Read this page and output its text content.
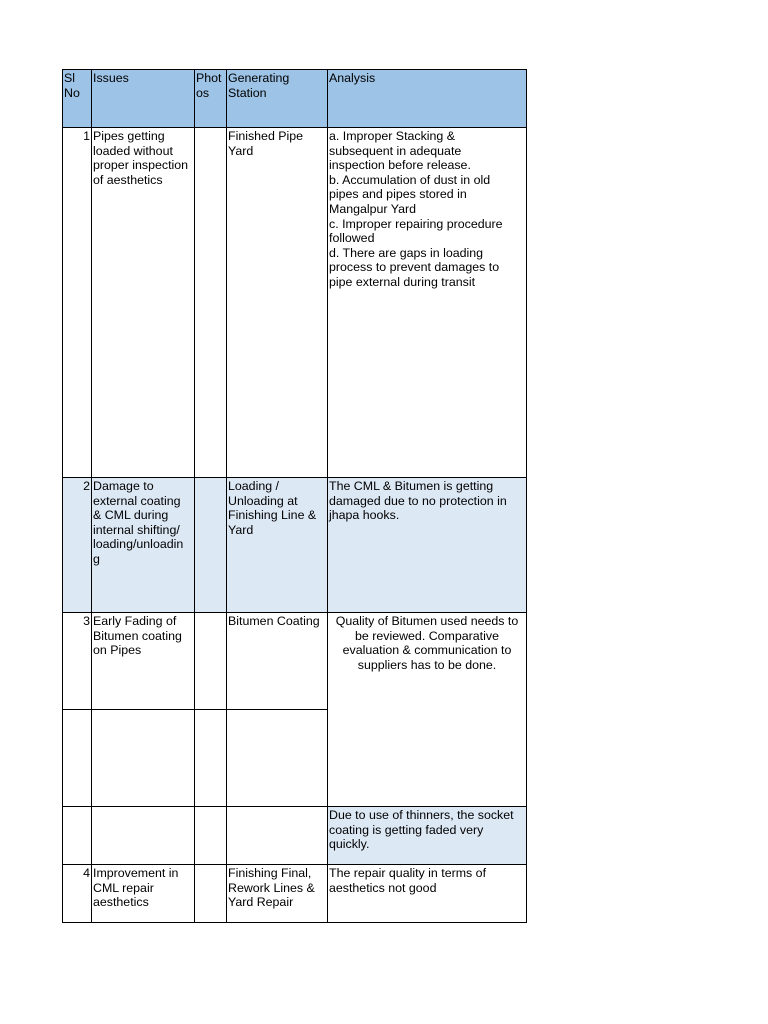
Sl
No
Issues	Phot
os
Generating
Station
Analysis
1 Pipes getting
loaded without
proper inspection
of aesthetics
Finished Pipe
Yard
a. Improper Stacking &
subsequent in adequate
inspection before release.
b. Accumulation of dust in old
pipes and pipes stored in
Mangalpur Yard
c. Improper repairing procedure
followed
d. There are gaps in loading
process to prevent damages to
pipe external during transit
2 Damage to
external coating
& CML during
internal shifting/
loading/unloadin
g
Loading /
Unloading at
Finishing Line &
Yard
The CML & Bitumen is getting
damaged due to no protection in
jhapa hooks.
3 Early Fading of
Bitumen coating
on Pipes
Bitumen Coating	Quality of Bitumen used needs to
be reviewed. Comparative
evaluation & communication to
suppliers has to be done.
Due to use of thinners, the socket
coating is getting faded very
quickly.
4 Improvement in
CML repair
aesthetics
Finishing Final,
Rework Lines &
Yard Repair
The repair quality in terms of
aesthetics not good
